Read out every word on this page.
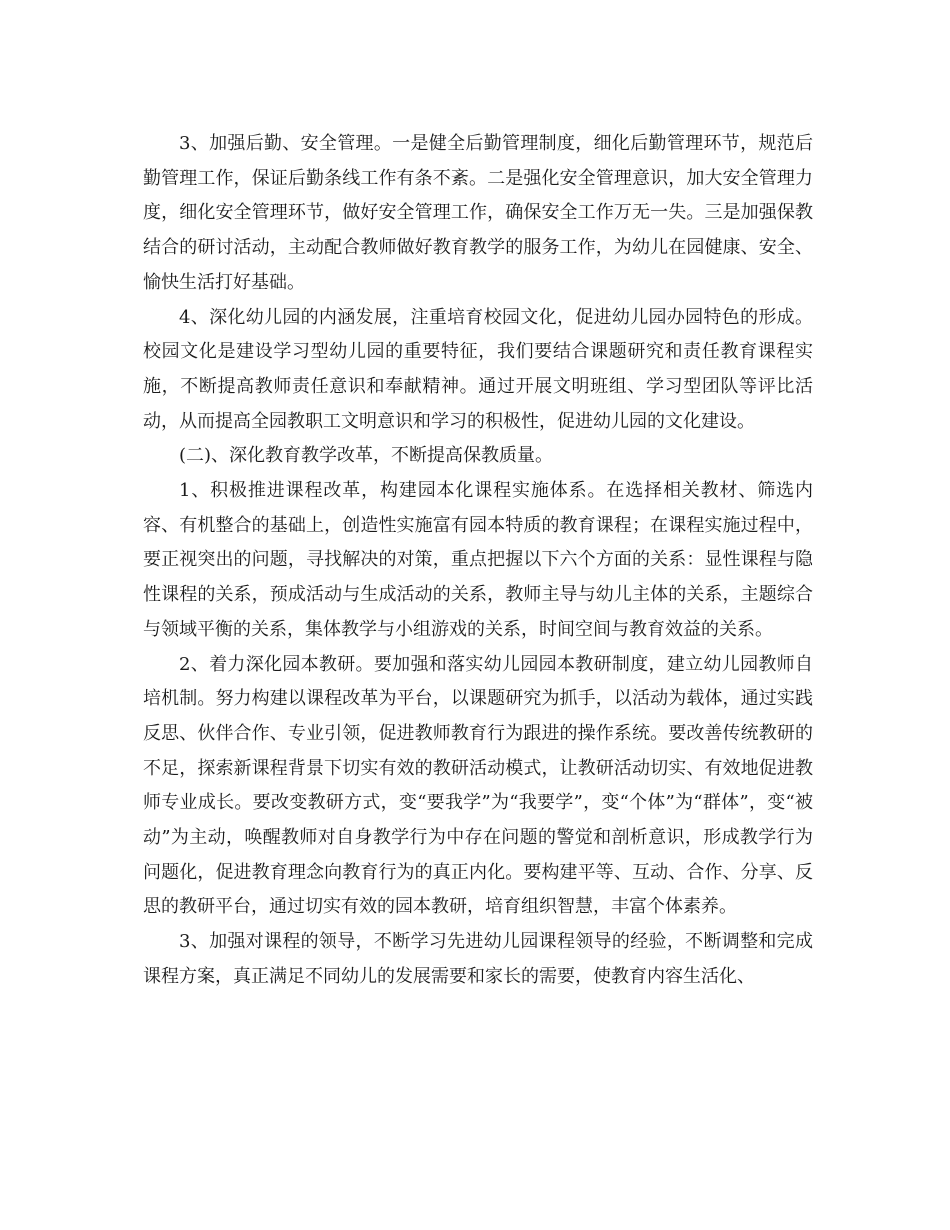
3、加强后勤、安全管理。一是健全后勤管理制度，细化后勤管理环节，规范后勤管理工作，保证后勤条线工作有条不紊。二是强化安全管理意识，加大安全管理力度，细化安全管理环节，做好安全管理工作，确保安全工作万无一失。三是加强保教结合的研讨活动，主动配合教师做好教育教学的服务工作，为幼儿在园健康、安全、愉快生活打好基础。

4、深化幼儿园的内涵发展，注重培育校园文化，促进幼儿园办园特色的形成。校园文化是建设学习型幼儿园的重要特征，我们要结合课题研究和责任教育课程实施，不断提高教师责任意识和奉献精神。通过开展文明班组、学习型团队等评比活动，从而提高全园教职工文明意识和学习的积极性，促进幼儿园的文化建设。

(二)、深化教育教学改革，不断提高保教质量。

1、积极推进课程改革，构建园本化课程实施体系。在选择相关教材、筛选内容、有机整合的基础上，创造性实施富有园本特质的教育课程；在课程实施过程中，要正视突出的问题，寻找解决的对策，重点把握以下六个方面的关系：显性课程与隐性课程的关系，预成活动与生成活动的关系，教师主导与幼儿主体的关系，主题综合与领域平衡的关系，集体教学与小组游戏的关系，时间空间与教育效益的关系。

2、着力深化园本教研。要加强和落实幼儿园园本教研制度，建立幼儿园教师自培机制。努力构建以课程改革为平台，以课题研究为抓手，以活动为载体，通过实践反思、伙伴合作、专业引领，促进教师教育行为跟进的操作系统。要改善传统教研的不足，探索新课程背景下切实有效的教研活动模式，让教研活动切实、有效地促进教师专业成长。要改变教研方式，变“要我学”为“我要学”，变“个体”为“群体”，变“被动”为主动，唤醒教师对自身教学行为中存在问题的警觉和剖析意识，形成教学行为问题化，促进教育理念向教育行为的真正内化。要构建平等、互动、合作、分享、反思的教研平台，通过切实有效的园本教研，培育组织智慧，丰富个体素养。

3、加强对课程的领导，不断学习先进幼儿园课程领导的经验，不断调整和完成课程方案，真正满足不同幼儿的发展需要和家长的需要，使教育内容生活化、
